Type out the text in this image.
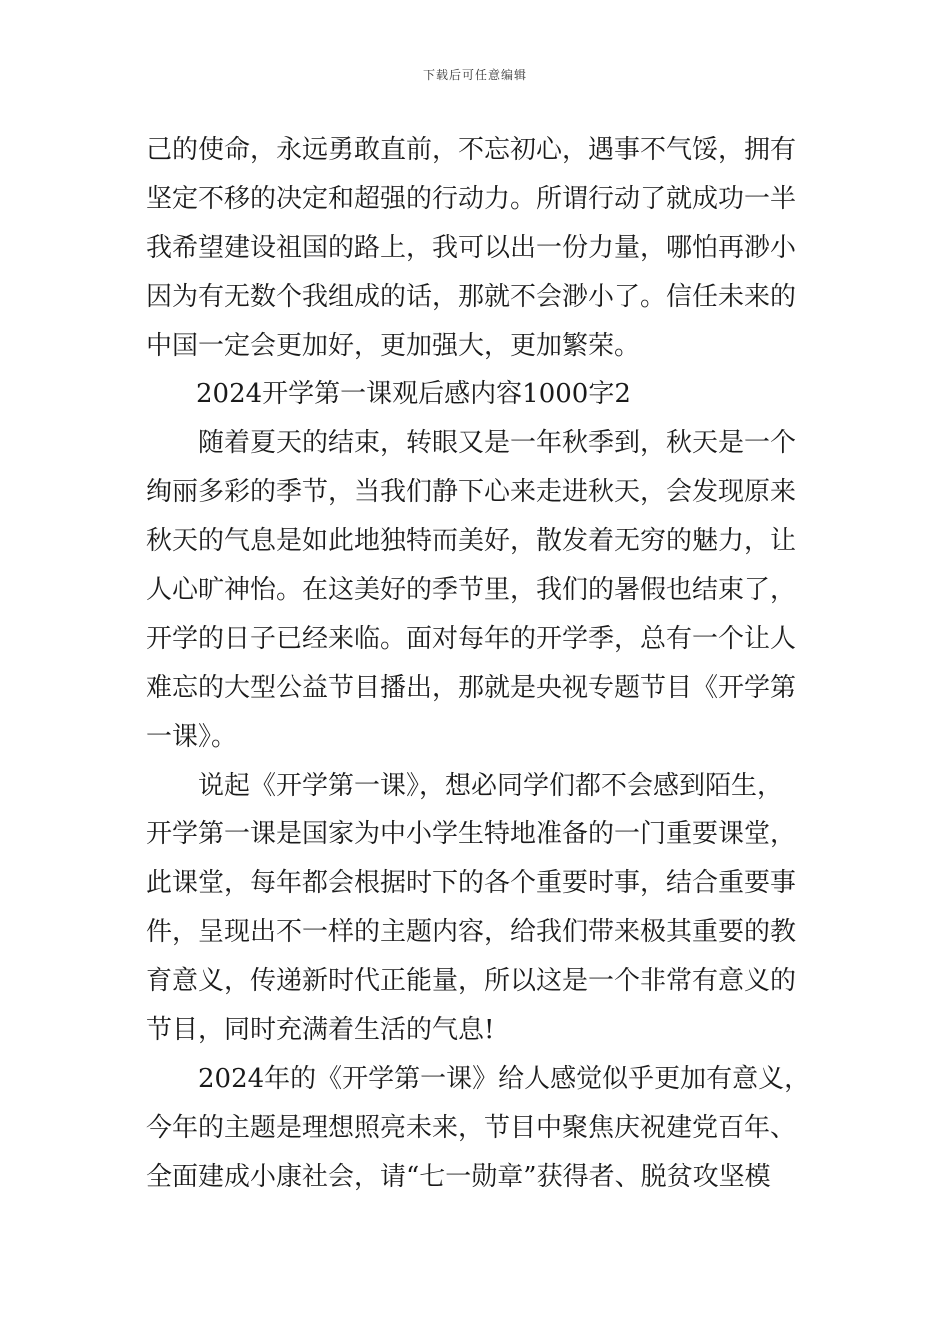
下载后可任意编辑
己的使命，永远勇敢直前，不忘初心，遇事不气馁，拥有
坚定不移的决定和超强的行动力。所谓行动了就成功一半
我希望建设祖国的路上，我可以出一份力量，哪怕再渺小
因为有无数个我组成的话，那就不会渺小了。信任未来的
中国一定会更加好，更加强大，更加繁荣。
2024开学第一课观后感内容1000字2
随着夏天的结束，转眼又是一年秋季到，秋天是一个
绚丽多彩的季节，当我们静下心来走进秋天，会发现原来
秋天的气息是如此地独特而美好，散发着无穷的魅力，让
人心旷神怡。在这美好的季节里，我们的暑假也结束了，
开学的日子已经来临。面对每年的开学季，总有一个让人
难忘的大型公益节目播出，那就是央视专题节目《开学第
一课》。
说起《开学第一课》，想必同学们都不会感到陌生，
开学第一课是国家为中小学生特地准备的一门重要课堂，
此课堂，每年都会根据时下的各个重要时事，结合重要事
件，呈现出不一样的主题内容，给我们带来极其重要的教
育意义，传递新时代正能量，所以这是一个非常有意义的
节目，同时充满着生活的气息!
2024年的《开学第一课》给人感觉似乎更加有意义，
今年的主题是理想照亮未来，节目中聚焦庆祝建党百年、
全面建成小康社会，请“七一勋章”获得者、脱贫攻坚模
